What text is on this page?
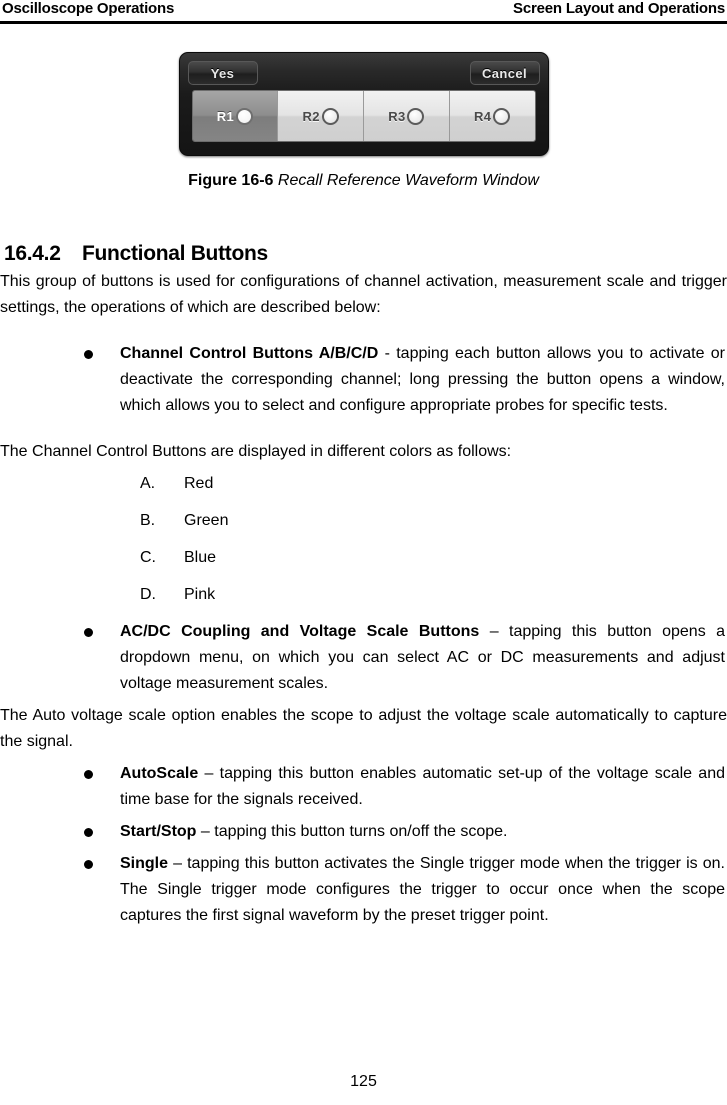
Oscilloscope Operations	Screen Layout and Operations
Yes	Cancel
R1	R2	R3	R4
Figure 16-6 Recall Reference Waveform Window
16.4.2	Functional Buttons

This group of buttons is used for configurations of channel activation, measurement scale and trigger settings, the operations of which are described below:

Channel Control Buttons A/B/C/D - tapping each button allows you to activate or deactivate the corresponding channel; long pressing the button opens a window, which allows you to select and configure appropriate probes for specific tests.

The Channel Control Buttons are displayed in different colors as follows:

A.	Red
B.	Green
C.	Blue
D.	Pink

AC/DC Coupling and Voltage Scale Buttons – tapping this button opens a dropdown menu, on which you can select AC or DC measurements and adjust voltage measurement scales.

The Auto voltage scale option enables the scope to adjust the voltage scale automatically to capture the signal.

AutoScale – tapping this button enables automatic set-up of the voltage scale and time base for the signals received.

Start/Stop – tapping this button turns on/off the scope.

Single – tapping this button activates the Single trigger mode when the trigger is on. The Single trigger mode configures the trigger to occur once when the scope captures the first signal waveform by the preset trigger point.

125
